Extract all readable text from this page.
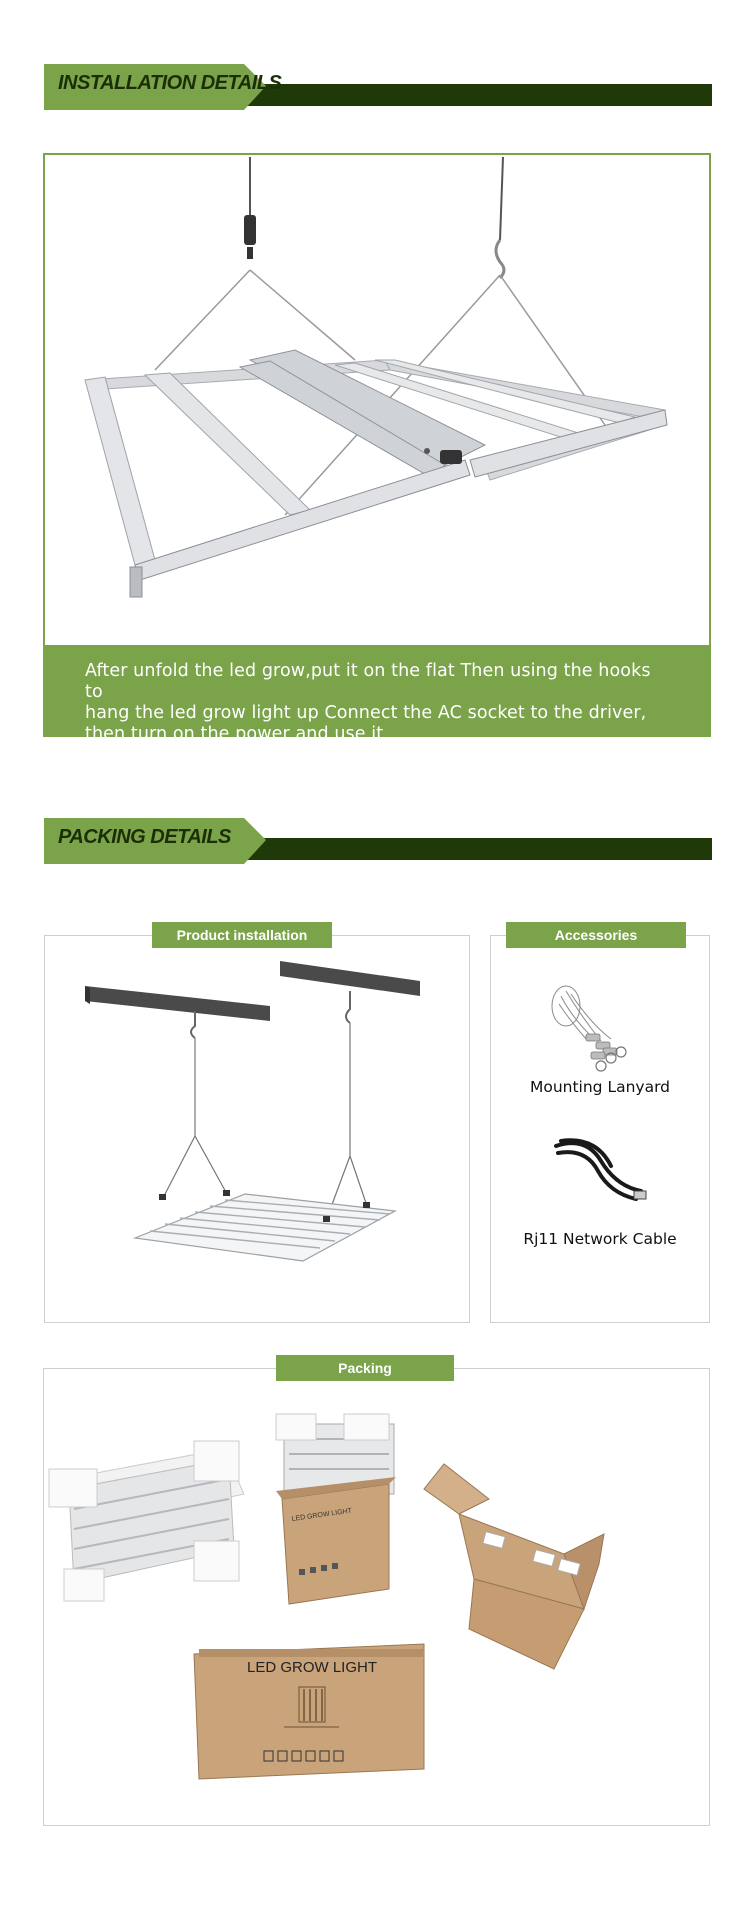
INSTALLATION DETAILS

After unfold the led grow,put it on the flat Then using the hooks to

hang the led grow light up Connect the AC socket to the driver,

then turn on the power and use it

PACKING DETAILS
Product installation
Mounting Lanyard
Rj11 Network Cable
Accessories
LED GROW LIGHT
LED GROW LIGHT
Packing
